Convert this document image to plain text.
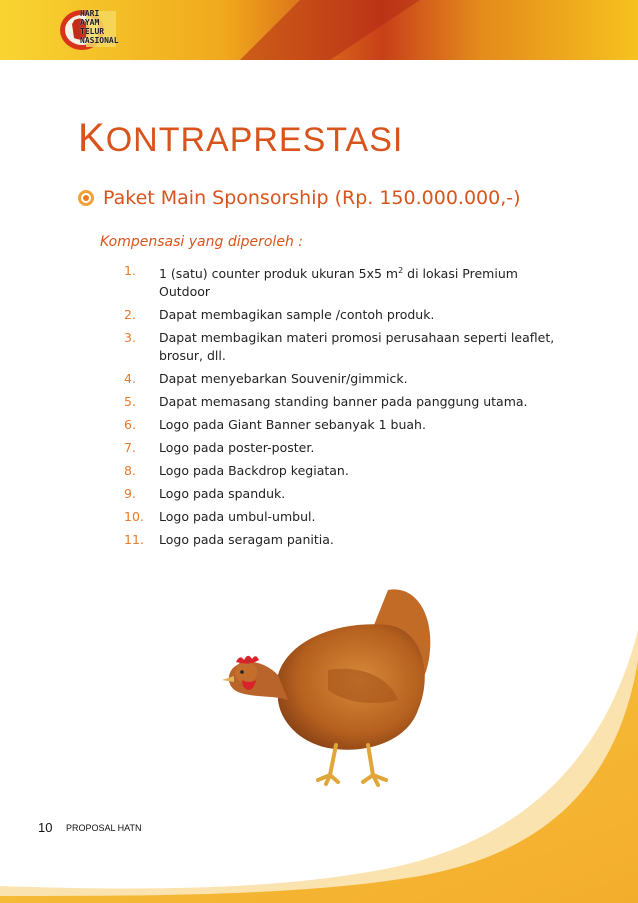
HARI AYAM
TELUR
NASIONAL
KONTRAPRESTASI
Paket Main Sponsorship (Rp. 150.000.000,-)
Kompensasi yang diperoleh :
1.	1 (satu) counter produk ukuran 5x5 $m^2$ di lokasi Premium Outdoor
2.	Dapat membagikan sample /contoh produk.
3.	Dapat membagikan materi promosi perusahaan seperti leaflet, brosur, dll.
4.	Dapat menyebarkan Souvenir/gimmick.
5.	Dapat memasang standing banner pada panggung utama.
6.	Logo pada Giant Banner sebanyak 1 buah.
7.	Logo pada poster-poster.
8.	Logo pada Backdrop kegiatan.
9.	Logo pada spanduk.
10.	Logo pada umbul-umbul.
11.	Logo pada seragam panitia.
10 PROPOSAL HATN
